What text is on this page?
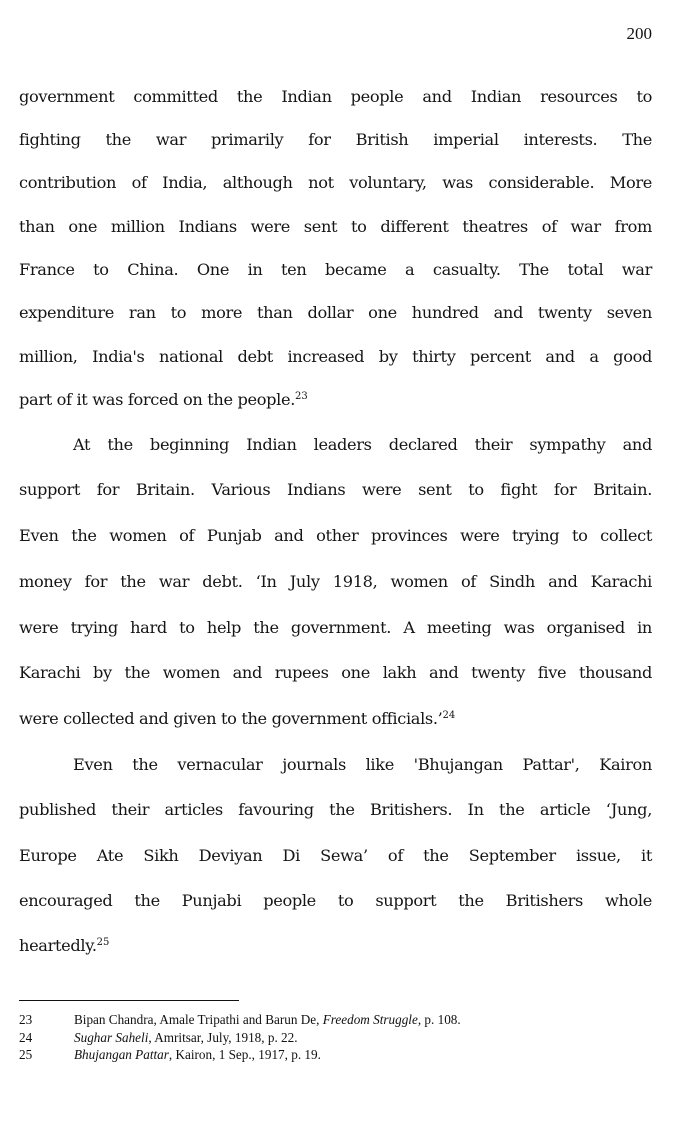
200
government committed the Indian people and Indian resources to
fighting the war primarily for British imperial interests. The
contribution of India, although not voluntary, was considerable. More
than one million Indians were sent to different theatres of war from
France to China. One in ten became a casualty. The total war
expenditure ran to more than dollar one hundred and twenty seven
million, India's national debt increased by thirty percent and a good
part of it was forced on the people.$^{23}$
At the beginning Indian leaders declared their sympathy and
support for Britain. Various Indians were sent to fight for Britain.
Even the women of Punjab and other provinces were trying to collect
money for the war debt. ‘In July 1918, women of Sindh and Karachi
were trying hard to help the government. A meeting was organised in
Karachi by the women and rupees one lakh and twenty five thousand
were collected and given to the government officials.’$^{24}$
Even the vernacular journals like 'Bhujangan Pattar', Kairon
published their articles favouring the Britishers. In the article ‘Jung,
Europe Ate Sikh Deviyan Di Sewa’ of the September issue, it
encouraged the Punjabi people to support the Britishers whole
heartedly.$^{25}$
23	Bipan Chandra, Amale Tripathi and Barun De, Freedom Struggle, p. 108.
24	Sughar Saheli, Amritsar, July, 1918, p. 22.
25	Bhujangan Pattar, Kairon, 1 Sep., 1917, p. 19.
